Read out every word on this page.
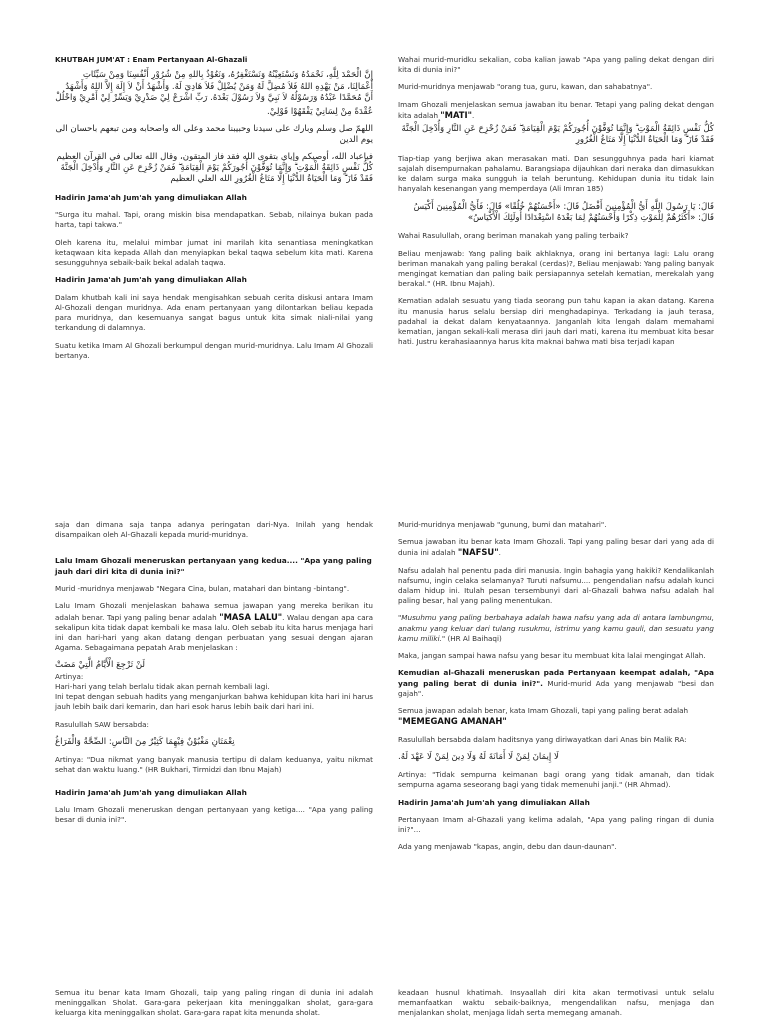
KHUTBAH JUM'AT : Enam Pertanyaan Al-Ghazali

إِنَّ الْحَمْدَ لِلَّهِ، نَحْمَدُهُ وَنَسْتَعِيْنُهُ وَنَسْتَغْفِرُهُ، وَنَعُوْذُ بِاللهِ مِنْ شُرُوْرِ أَنْفُسِنَا وَمِنْ سَيِّئَاتِ أَعْمَالِنَا، مَنْ يَهْدِهِ اللهُ فَلاَ مُضِلَّ لَهُ وَمَنْ يُضْلِلْ فَلاَ هَادِيَ لَهُ. وَأَشْهَدُ أَنْ لاَ إِلَهَ إِلاَّ اللهُ وَأَشْهَدُ أَنَّ مُحَمَّدًا عَبْدُهُ وَرَسُوْلُهُ لاَ نَبِيَّ وَلاَ رَسُوْلَ بَعْدَهُ. رَبِّ اشْرَحْ لِيْ صَدْرِيْ وَيَسِّرْ لِيْ أَمْرِيْ وَاحْلُلْ
عُقْدَةً مِنْ لِسَانِيْ يَفْقَهُوْا قَوْلِيْ.
اللهمّ صل وسلم وبارك على سيدنا وحبيبنا محمد وعلى اله واصحابه ومن تبعهم باحسان الى يوم الدين
فياعباد الله، أوصيكم وإياي بتقوى الله فقد فاز المتقون، وقال الله تعالى في القرآن العظيم كُلُّ نَفْسٍ ذَائِقَةُ الْمَوْتِ ۗ وَإِنَّمَا تُوَفَّوْنَ أُجُورَكُمْ يَوْمَ الْقِيَامَةِ ۖ فَمَنْ زُحْزِحَ عَنِ النَّارِ وَأُدْخِلَ الْجَنَّةَ فَقَدْ فَازَ ۗ وَمَا الْحَيَاةُ الدُّنْيَا إِلَّا مَتَاعُ الْغُرُورِ الله العلي العظيم

Hadirin Jama'ah Jum'ah yang dimuliakan Allah

"Surga itu mahal. Tapi, orang miskin bisa mendapatkan. Sebab, nilainya bukan pada harta, tapi takwa."

Oleh karena itu, melalui mimbar jumat ini marilah kita senantiasa meningkatkan ketaqwaan kita kepada Allah dan menyiapkan bekal taqwa sebelum kita mati. Karena sesungguhnya sebaik-baik bekal adalah taqwa.

Hadirin Jama'ah Jum'ah yang dimuliakan Allah

Dalam khutbah kali ini saya hendak mengisahkan sebuah cerita diskusi antara Imam Al-Ghozali dengan muridnya. Ada enam pertanyaan yang dilontarkan beliau kepada para muridnya, dan kesemuanya sangat bagus untuk kita simak niali-nilai yang terkandung di dalamnya.

Suatu ketika Imam Al Ghozali berkumpul dengan murid-muridnya. Lalu Imam Al Ghozali bertanya.

Wahai murid-muridku sekalian, coba kalian jawab "Apa yang paling dekat dengan diri kita di dunia ini?"

Murid-muridnya menjawab "orang tua, guru, kawan, dan sahabatnya".

Imam Ghozali menjelaskan semua jawaban itu benar. Tetapi yang paling dekat dengan kita adalah "MATI".

كُلُّ نَفْسٍ ذَائِقَةُ الْمَوْتِ ۗ وَإِنَّمَا تُوَفَّوْنَ أُجُورَكُمْ يَوْمَ الْقِيَامَةِ ۖ فَمَنْ زُحْزِحَ عَنِ النَّارِ وَأُدْخِلَ الْجَنَّةَ فَقَدْ فَازَ ۗ وَمَا الْحَيَاةُ الدُّنْيَا إِلَّا مَتَاعُ الْغُرُورِ

Tiap-tiap yang berjiwa akan merasakan mati. Dan sesungguhnya pada hari kiamat sajalah disempurnakan pahalamu. Barangsiapa dijauhkan dari neraka dan dimasukkan ke dalam surga maka sungguh ia telah beruntung. Kehidupan dunia itu tidak lain hanyalah kesenangan yang memperdaya (Ali Imran 185)

قَالَ: يَا رَسُولَ اللَّهِ أَيُّ الْمُؤْمِنِينَ أَفْضَلُ قَالَ: «أَحْسَنُهُمْ خُلُقًا» قَالَ: فَأَيُّ الْمُؤْمِنِينَ أَكْيَسُ قَالَ: «أَكْثَرُهُمْ لِلْمَوْتِ ذِكْرًا وَأَحْسَنُهُمْ لِمَا بَعْدَهُ اسْتِعْدَادًا أُولَئِكَ الْأَكْيَاسُ»

Wahai Rasulullah, orang beriman manakah yang paling terbaik?

Beliau menjawab: Yang paling baik akhlaknya, orang ini bertanya lagi: Lalu orang beriman manakah yang paling berakal (cerdas)?, Beliau menjawab: Yang paling banyak mengingat kematian dan paling baik persiapannya setelah kematian, merekalah yang berakal." (HR. Ibnu Majah).

Kematian adalah sesuatu yang tiada seorang pun tahu kapan ia akan datang. Karena itu manusia harus selalu bersiap diri menghadapinya. Terkadang ia jauh terasa, padahal ia dekat dalam kenyataannya. Janganlah kita lengah dalam memahami kematian, jangan sekali-kali merasa diri jauh dari mati, karena itu membuat kita besar hati. Justru kerahasiaannya harus kita maknai bahwa mati bisa terjadi kapan

saja dan dimana saja tanpa adanya peringatan dari-Nya. Inilah yang hendak disampaikan oleh Al-Ghazali kepada murid-muridnya.

Lalu Imam Ghozali meneruskan pertanyaan yang kedua.... "Apa yang paling jauh dari diri kita di dunia ini?"

Murid -muridnya menjawab "Negara Cina, bulan, matahari dan bintang -bintang".

Lalu Imam Ghozali menjelaskan bahawa semua jawapan yang mereka berikan itu adalah benar. Tapi yang paling benar adalah "MASA LALU". Walau dengan apa cara sekalipun kita tidak dapat kembali ke masa lalu. Oleh sebab itu kita harus menjaga hari ini dan hari-hari yang akan datang dengan perbuatan yang sesuai dengan ajaran Agama. Sebagaimana pepatah Arab menjelaskan :

لَنْ تَرْجِعَ الْأَيَّامُ الَّتِيْ مَضَتْ

Artinya:

Hari-hari yang telah berlalu tidak akan pernah kembali lagi.

Ini tepat dengan sebuah hadits yang menganjurkan bahwa kehidupan kita hari ini harus jauh lebih baik dari kemarin, dan hari esok harus lebih baik dari hari ini.

Rasulullah SAW bersabda:

نِعْمَتَانِ مَغْبُوْنٌ فِيْهِمَا كَثِيْرٌ مِنَ النَّاسِ: الصِّحَّةُ وَالْفَرَاغُ

Artinya: "Dua nikmat yang banyak manusia tertipu di dalam keduanya, yaitu nikmat sehat dan waktu luang." (HR Bukhari, Tirmidzi dan Ibnu Majah)

Hadirin Jama'ah Jum'ah yang dimuliakan Allah

Lalu Imam Ghozali meneruskan dengan pertanyaan yang ketiga.... "Apa yang paling besar di dunia ini?".

Murid-muridnya menjawab "gunung, bumi dan matahari".

Semua jawaban itu benar kata Imam Ghozali. Tapi yang paling besar dari yang ada di dunia ini adalah "NAFSU".

Nafsu adalah hal penentu pada diri manusia. Ingin bahagia yang hakiki? Kendalikanlah nafsumu, ingin celaka selamanya? Turuti nafsumu.... pengendalian nafsu adalah kunci dalam hidup ini. Itulah pesan tersembunyi dari al-Ghazali bahwa nafsu adalah hal paling besar, hal yang paling menentukan.

"Musuhmu yang paling berbahaya adalah hawa nafsu yang ada di antara lambungmu, anakmu yang keluar dari tulang rusukmu, istrimu yang kamu gauli, dan sesuatu yang kamu miliki." (HR Al Baihaqi)

Maka, jangan sampai hawa nafsu yang besar itu membuat kita lalai mengingat Allah.

Kemudian al-Ghazali meneruskan pada Pertanyaan keempat adalah, "Apa yang paling berat di dunia ini?". Murid-murid Ada yang menjawab "besi dan gajah".

Semua jawapan adalah benar, kata Imam Ghozali, tapi yang paling berat adalah
"MEMEGANG AMANAH"

Rasulullah bersabda dalam haditsnya yang diriwayatkan dari Anas bin Malik RA:

لَا إِيمَانَ لِمَنْ لَا أَمَانَةَ لَهُ وَلَا دِينَ لِمَنْ لَا عَهْدَ لَهُ.

Artinya: "Tidak sempurna keimanan bagi orang yang tidak amanah, dan tidak sempurna agama seseorang bagi yang tidak memenuhi janji." (HR Ahmad).

Hadirin Jama'ah Jum'ah yang dimuliakan Allah

Pertanyaan Imam al-Ghazali yang kelima adalah, "Apa yang paling ringan di dunia ini?"...

Ada yang menjawab "kapas, angin, debu dan daun-daunan".

Semua itu benar kata Imam Ghozali, taip yang paling ringan di dunia ini adalah meninggalkan Sholat. Gara-gara pekerjaan kita meninggalkan sholat, gara-gara keluarga kita meninggalkan sholat. Gara-gara rapat kita menunda sholat.

keadaan husnul khatimah. Insyaallah diri kita akan termotivasi untuk selalu memanfaatkan waktu sebaik-baiknya, mengendalikan nafsu, menjaga dan menjalankan sholat, menjaga lidah serta memegang amanah.
